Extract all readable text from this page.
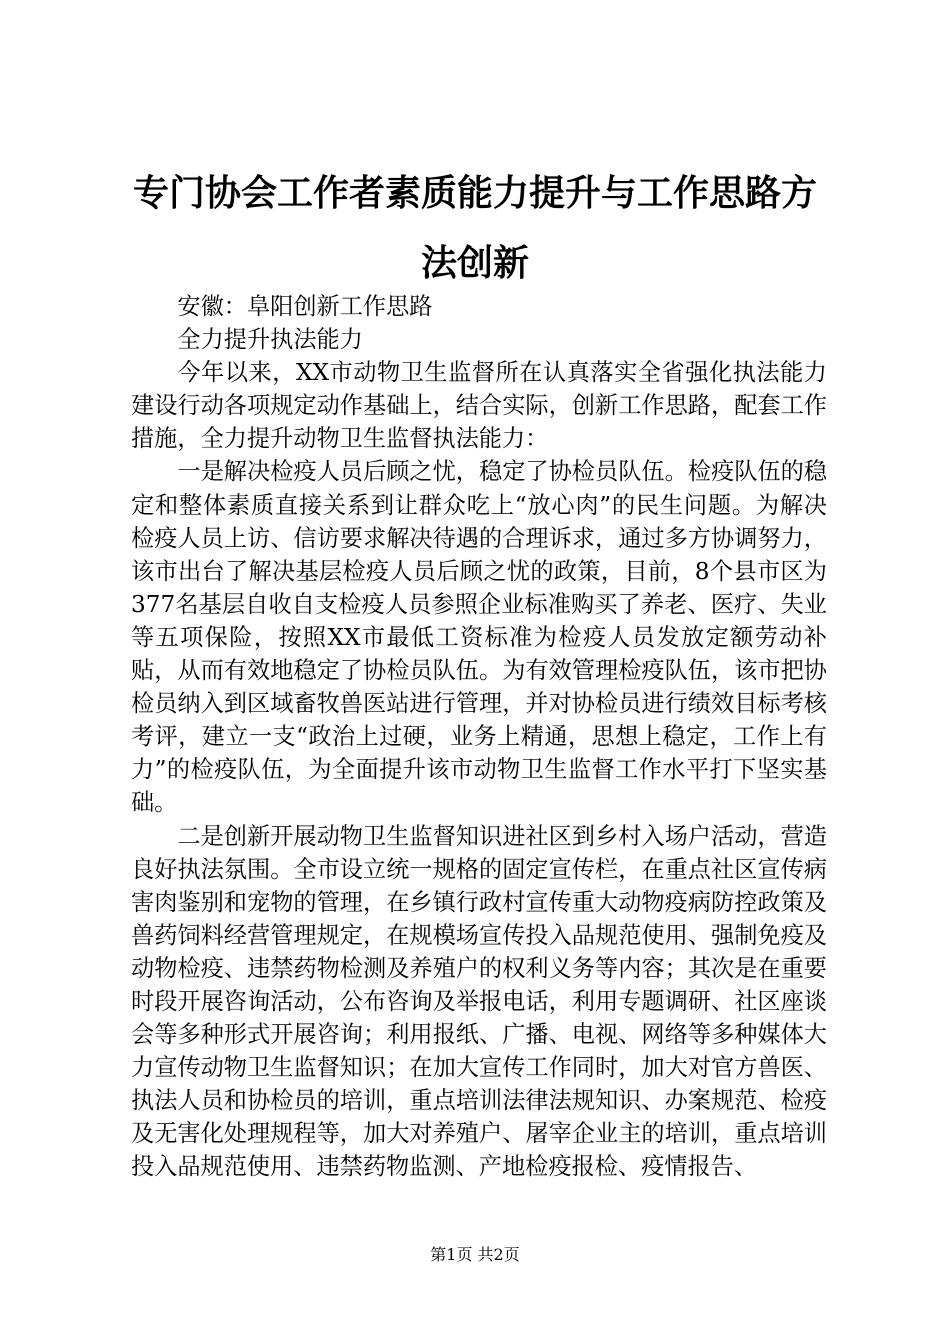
专门协会工作者素质能力提升与工作思路方法创新

安徽：阜阳创新工作思路

全力提升执法能力

今年以来，XX市动物卫生监督所在认真落实全省强化执法能力建设行动各项规定动作基础上，结合实际，创新工作思路，配套工作措施，全力提升动物卫生监督执法能力：

一是解决检疫人员后顾之忧，稳定了协检员队伍。检疫队伍的稳定和整体素质直接关系到让群众吃上“放心肉”的民生问题。为解决检疫人员上访、信访要求解决待遇的合理诉求，通过多方协调努力，该市出台了解决基层检疫人员后顾之忧的政策，目前，8个县市区为377名基层自收自支检疫人员参照企业标准购买了养老、医疗、失业等五项保险，按照XX市最低工资标准为检疫人员发放定额劳动补贴，从而有效地稳定了协检员队伍。为有效管理检疫队伍，该市把协检员纳入到区域畜牧兽医站进行管理，并对协检员进行绩效目标考核考评，建立一支“政治上过硬，业务上精通，思想上稳定，工作上有力”的检疫队伍，为全面提升该市动物卫生监督工作水平打下坚实基础。

二是创新开展动物卫生监督知识进社区到乡村入场户活动，营造良好执法氛围。全市设立统一规格的固定宣传栏，在重点社区宣传病害肉鉴别和宠物的管理，在乡镇行政村宣传重大动物疫病防控政策及兽药饲料经营管理规定，在规模场宣传投入品规范使用、强制免疫及动物检疫、违禁药物检测及养殖户的权利义务等内容；其次是在重要时段开展咨询活动，公布咨询及举报电话，利用专题调研、社区座谈会等多种形式开展咨询；利用报纸、广播、电视、网络等多种媒体大力宣传动物卫生监督知识；在加大宣传工作同时，加大对官方兽医、执法人员和协检员的培训，重点培训法律法规知识、办案规范、检疫及无害化处理规程等，加大对养殖户、屠宰企业主的培训，重点培训投入品规范使用、违禁药物监测、产地检疫报检、疫情报告、

第1页 共2页
